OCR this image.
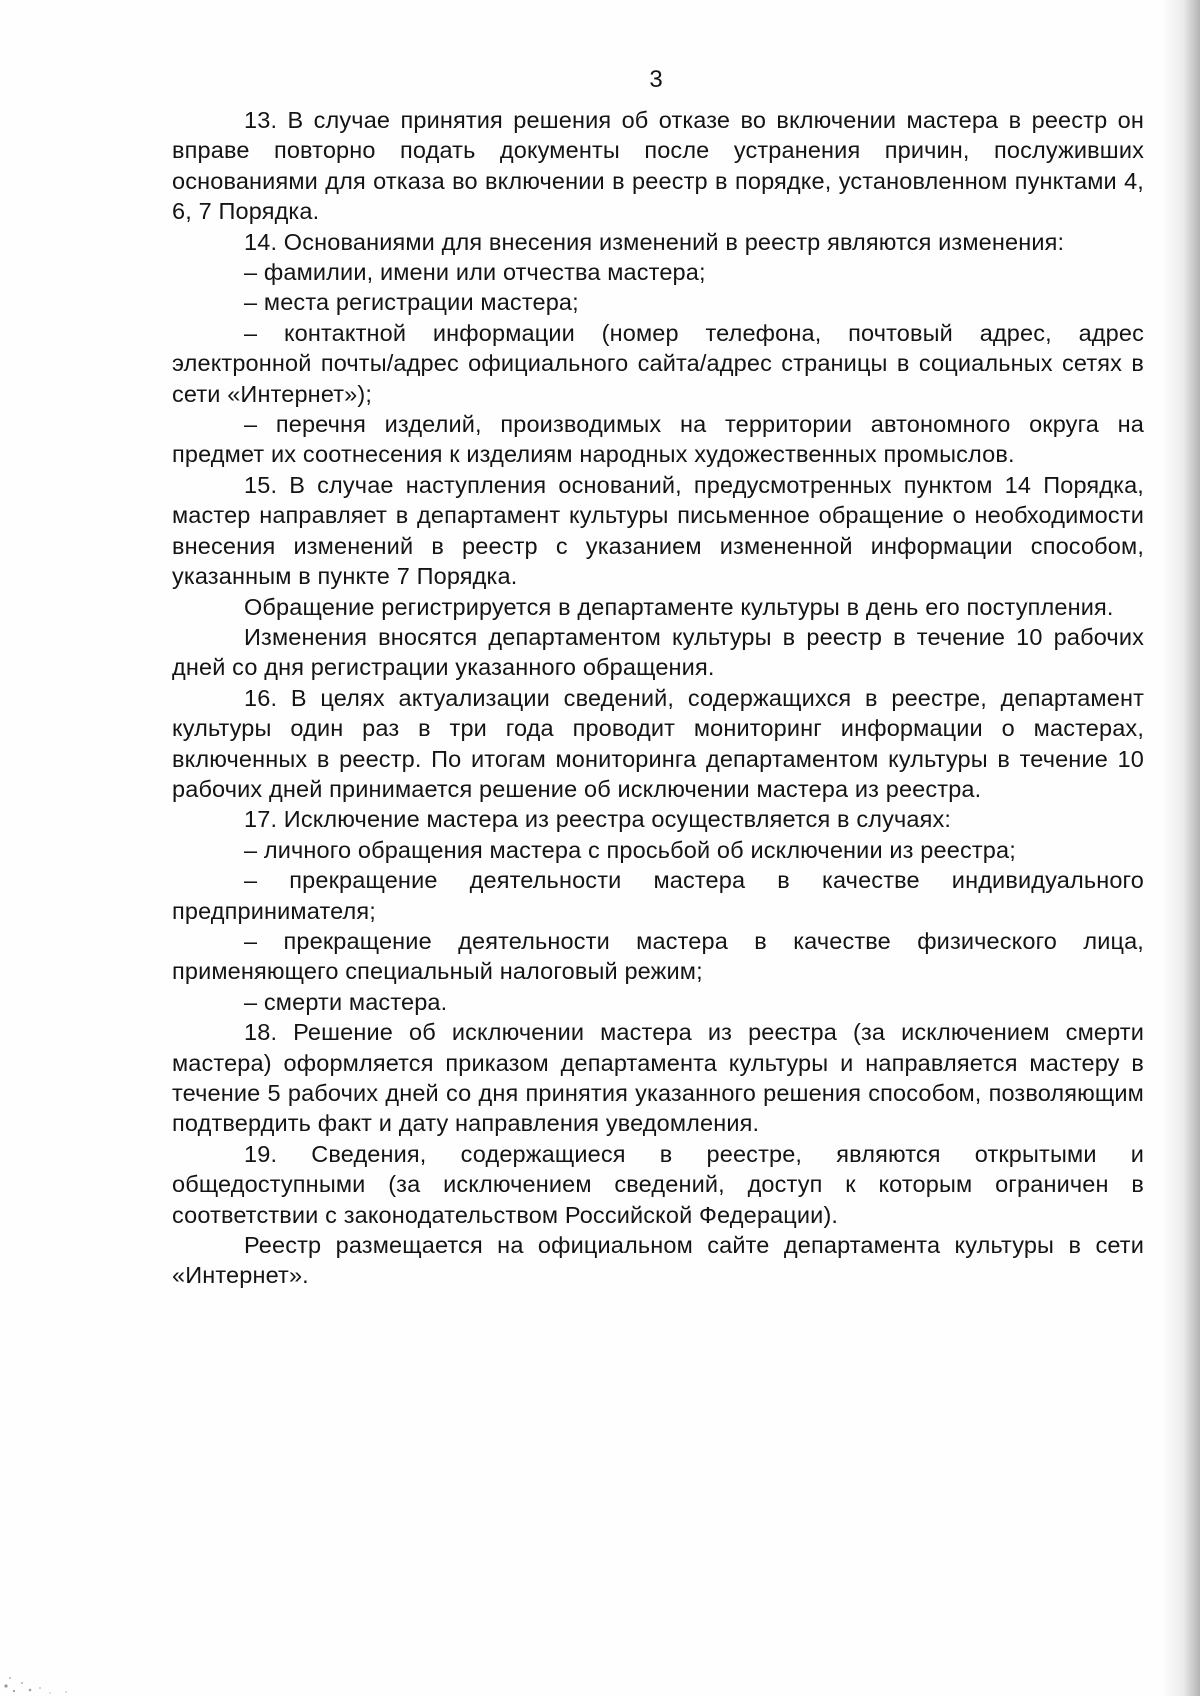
3

13. В случае принятия решения об отказе во включении мастера в реестр он вправе повторно подать документы после устранения причин, послуживших основаниями для отказа во включении в реестр в порядке, установленном пунктами 4, 6, 7 Порядка.

14. Основаниями для внесения изменений в реестр являются изменения:

– фамилии, имени или отчества мастера;

– места регистрации мастера;

– контактной информации (номер телефона, почтовый адрес, адрес электронной почты/адрес официального сайта/адрес страницы в социальных сетях в сети «Интернет»);

– перечня изделий, производимых на территории автономного округа на предмет их соотнесения к изделиям народных художественных промыслов.

15. В случае наступления оснований, предусмотренных пунктом 14 Порядка, мастер направляет в департамент культуры письменное обращение о необходимости внесения изменений в реестр с указанием измененной информации способом, указанным в пункте 7 Порядка.

Обращение регистрируется в департаменте культуры в день его поступления.

Изменения вносятся департаментом культуры в реестр в течение 10 рабочих дней со дня регистрации указанного обращения.

16. В целях актуализации сведений, содержащихся в реестре, департамент культуры один раз в три года проводит мониторинг информации о мастерах, включенных в реестр. По итогам мониторинга департаментом культуры в течение 10 рабочих дней принимается решение об исключении мастера из реестра.

17. Исключение мастера из реестра осуществляется в случаях:

– личного обращения мастера с просьбой об исключении из реестра;

– прекращение деятельности мастера в качестве индивидуального предпринимателя;

– прекращение деятельности мастера в качестве физического лица, применяющего специальный налоговый режим;

– смерти мастера.

18. Решение об исключении мастера из реестра (за исключением смерти мастера) оформляется приказом департамента культуры и направляется мастеру в течение 5 рабочих дней со дня принятия указанного решения способом, позволяющим подтвердить факт и дату направления уведомления.

19. Сведения, содержащиеся в реестре, являются открытыми и общедоступными (за исключением сведений, доступ к которым ограничен в соответствии с законодательством Российской Федерации).

Реестр размещается на официальном сайте департамента культуры в сети «Интернет».
